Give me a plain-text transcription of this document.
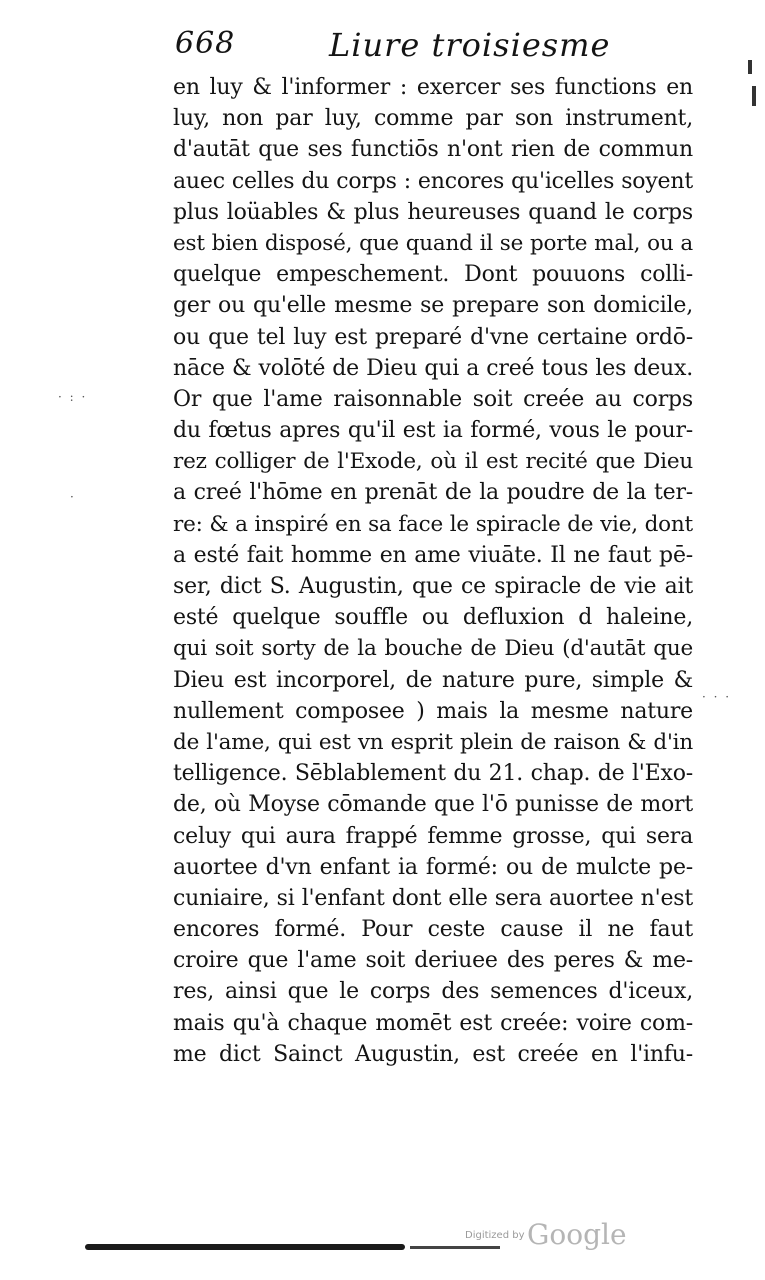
668	Liure troisiesme
en luy & l'informer : exercer ses functions en
luy, non par luy, comme par son instrument,
d'autāt que ses functiōs n'ont rien de commun
auec celles du corps : encores qu'icelles soyent
plus loüables & plus heureuses quand le corps
est bien disposé, que quand il se porte mal, ou a
quelque empeschement. Dont pouuons colli-
ger ou qu'elle mesme se prepare son domicile,
ou que tel luy est preparé d'vne certaine ordō-
nāce & volōté de Dieu qui a creé tous les deux.
Or que l'ame raisonnable soit creée au corps
du fœtus apres qu'il est ia formé, vous le pour-
rez colliger de l'Exode, où il est recité que Dieu
a creé l'hōme en prenāt de la poudre de la ter-
re: & a inspiré en sa face le spiracle de vie, dont
a esté fait homme en ame viuāte. Il ne faut pē-
ser, dict S. Augustin, que ce spiracle de vie ait
esté quelque souffle ou defluxion d haleine,
qui soit sorty de la bouche de Dieu (d'autāt que
Dieu est incorporel, de nature pure, simple &
nullement composee ) mais la mesme nature
de l'ame, qui est vn esprit plein de raison & d'in
telligence. Sēblablement du 21. chap. de l'Exo-
de, où Moyse cōmande que l'ō punisse de mort
celuy qui aura frappé femme grosse, qui sera
auortee d'vn enfant ia formé: ou de mulcte pe-
cuniaire, si l'enfant dont elle sera auortee n'est
encores formé. Pour ceste cause il ne faut
croire que l'ame soit deriuee des peres & me-
res, ainsi que le corps des semences d'iceux,
mais qu'à chaque momēt est creée: voire com-
me dict Sainct Augustin, est creée en l'infu-
· : ·
·
· · ·
Digitized by Google
